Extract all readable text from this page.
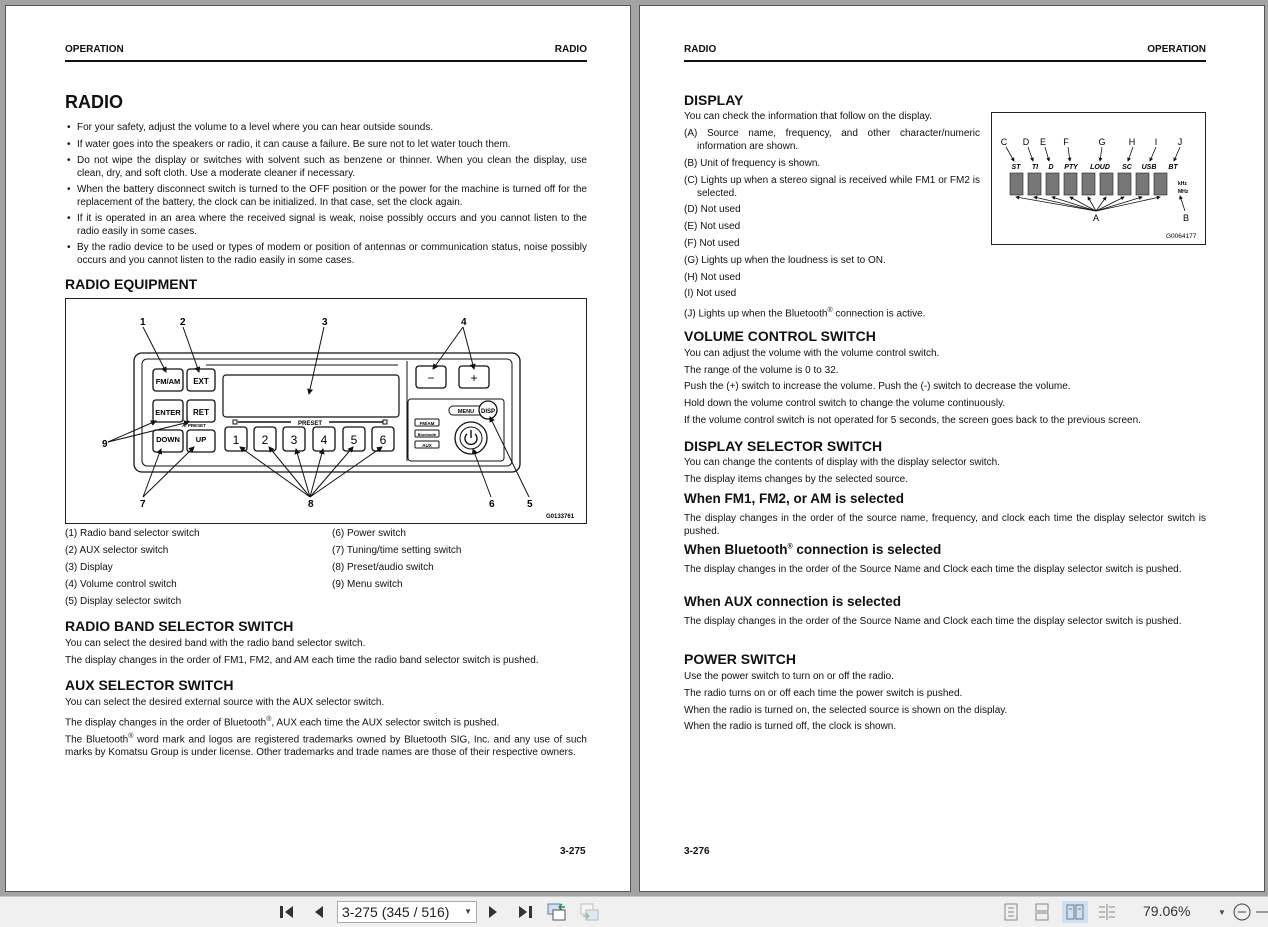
OPERATION	RADIO
RADIO
• For your safety, adjust the volume to a level where you can hear outside sounds.
• If water goes into the speakers or radio, it can cause a failure. Be sure not to let water touch them.
• Do not wipe the display or switches with solvent such as benzene or thinner. When you clean the display, use clean, dry, and soft cloth. Use a moderate cleaner if necessary.
• When the battery disconnect switch is turned to the OFF position or the power for the machine is turned off for the replacement of the battery, the clock can be initialized. In that case, set the clock again.
• If it is operated in an area where the received signal is weak, noise possibly occurs and you cannot listen to the radio easily in some cases.
• By the radio device to be used or types of modem or position of antennas or communication status, noise possibly occurs and you cannot listen to the radio easily in some cases.
RADIO EQUIPMENT
FM/AM EXT
ENTER RET
A. PRESET
DOWN UP
PRESET
1 2 3 4 5 6
−	+
MENU DISP
FM/AM
Bluetooth
AUX
1	2	3	4
5
6
7	8
9
G0133761
(1) Radio band selector switch
(2) AUX selector switch
(3) Display
(4) Volume control switch
(5) Display selector switch
(6) Power switch
(7) Tuning/time setting switch
(8) Preset/audio switch
(9) Menu switch
RADIO BAND SELECTOR SWITCH
You can select the desired band with the radio band selector switch.
The display changes in the order of FM1, FM2, and AM each time the radio band selector switch is pushed.
AUX SELECTOR SWITCH
You can select the desired external source with the AUX selector switch.
The display changes in the order of Bluetooth®, AUX each time the AUX selector switch is pushed.
The Bluetooth® word mark and logos are registered trademarks owned by Bluetooth SIG, Inc. and any use of such marks by Komatsu Group is under license. Other trademarks and trade names are those of their respective owners.
3-275
RADIO	OPERATION
DISPLAY
You can check the information that follow on the display.
(A) Source name, frequency, and other character/numeric information are shown.
(B) Unit of frequency is shown.
(C) Lights up when a stereo signal is received while FM1 or FM2 is selected.
(D) Not used
(E) Not used
(F) Not used
(G) Lights up when the loudness is set to ON.
(H) Not used
(I) Not used
(J) Lights up when the Bluetooth® connection is active.
C D E F	G	H I J
ST TI D PTY LOUD SC USB BT
kHz
MHz
A	B
G0064177
VOLUME CONTROL SWITCH
You can adjust the volume with the volume control switch.
The range of the volume is 0 to 32.
Push the (+) switch to increase the volume. Push the (-) switch to decrease the volume.
Hold down the volume control switch to change the volume continuously.
If the volume control switch is not operated for 5 seconds, the screen goes back to the previous screen.
DISPLAY SELECTOR SWITCH
You can change the contents of display with the display selector switch.
The display items changes by the selected source.
When FM1, FM2, or AM is selected
The display changes in the order of the source name, frequency, and clock each time the display selector switch is pushed.
When Bluetooth® connection is selected
The display changes in the order of the Source Name and Clock each time the display selector switch is pushed.
When AUX connection is selected
The display changes in the order of the Source Name and Clock each time the display selector switch is pushed.
POWER SWITCH
Use the power switch to turn on or off the radio.
The radio turns on or off each time the power switch is pushed.
When the radio is turned on, the selected source is shown on the display.
When the radio is turned off, the clock is shown.
3-276
3-275 (345 / 516) ▼	79.06%	▼
